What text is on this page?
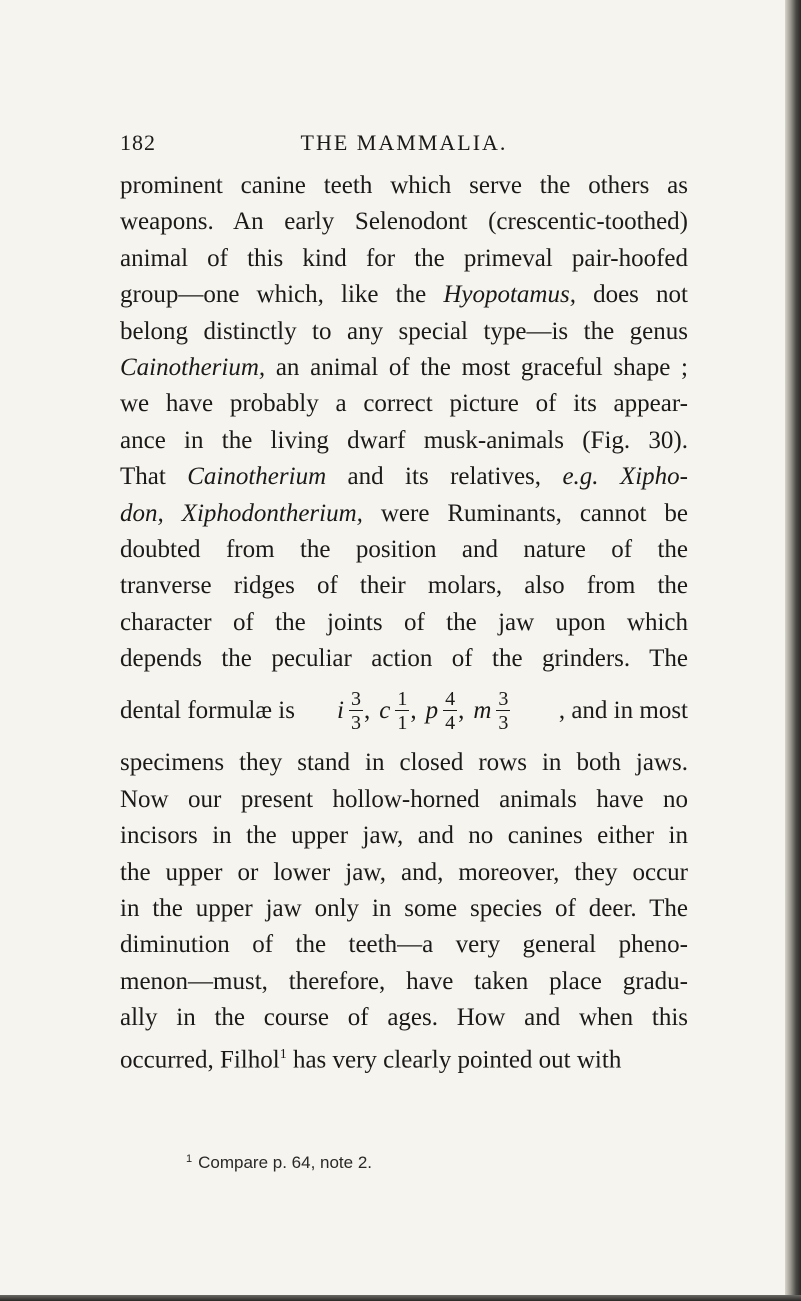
182	THE MAMMALIA.
prominent canine teeth which serve the others as
weapons. An early Selenodont (crescentic-toothed)
animal of this kind for the primeval pair-hoofed
group—one which, like the Hyopotamus, does not
belong distinctly to any special type—is the genus
Cainotherium, an animal of the most graceful shape ;
we have probably a correct picture of its appear-
ance in the living dwarf musk-animals (Fig. 30).
That Cainotherium and its relatives, e.g. Xipho-
don, Xiphodontherium, were Ruminants, cannot be
doubted from the position and nature of the
tranverse ridges of their molars, also from the
character of the joints of the jaw upon which
depends the peculiar action of the grinders. The
dental formulæ is i $\frac{3}{3}$ , c $\frac{1}{1}$ , p $\frac{4}{4}$ , m $\frac{3}{3}$ , and in most
specimens they stand in closed rows in both jaws.
Now our present hollow-horned animals have no
incisors in the upper jaw, and no canines either in
the upper or lower jaw, and, moreover, they occur
in the upper jaw only in some species of deer. The
diminution of the teeth—a very general pheno-
menon—must, therefore, have taken place gradu-
ally in the course of ages. How and when this
occurred, Filhol$^1$ has very clearly pointed out with
$^1$ Compare p. 64, note 2.
